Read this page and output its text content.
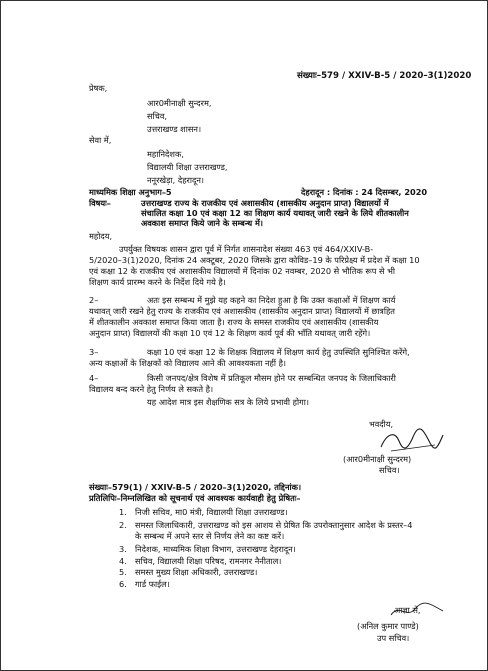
संख्याः–579 / XXIV-B-5 / 2020–3(1)2020
प्रेषक,
आर0मीनाक्षी सुन्दरम,
सचिव,
उत्तराखण्ड शासन।
सेवा में,
महानिदेशक,
विद्यालयी शिक्षा उत्तराखण्ड,
ननूरखेड़ा, देहरादून।
माध्यमिक शिक्षा अनुभाग–5	देहरादून : दिनांक : 24 दिसम्बर, 2020
विषयः–	उत्तराखण्ड राज्य के राजकीय एवं अशासकीय (शासकीय अनुदान प्राप्त) विद्यालयों में
संचालित कक्षा 10 एवं कक्षा 12 का शिक्षण कार्य यथावत् जारी रखने के लिये शीतकालीन
अवकाश समाप्त किये जाने के सम्बन्ध में।
महोदय,
उपर्युक्त विषयक शासन द्वारा पूर्व में निर्गत शासनादेश संख्या 463 एवं 464/XXIV-B-
5/2020–3(1)2020, दिनांक 24 अक्टूबर, 2020 जिसके द्वारा कोविड–19 के परिप्रेक्ष्य में प्रदेश में कक्षा 10
एवं कक्षा 12 के राजकीय एवं अशासकीय विद्यालयों में दिनांक 02 नवम्बर, 2020 से भौतिक रूप से भी
शिक्षण कार्य प्रारम्भ करने के निर्देश दिये गये है।
2–	अतः इस सम्बन्ध में मुझे यह कहने का निदेश हुआ है कि उक्त कक्षाओं में शिक्षण कार्य
यथावत् जारी रखने हेतु राज्य के राजकीय एवं अशासकीय (शासकीय अनुदान प्राप्त) विद्यालयों में छात्रहित
में शीतकालीन अवकाश समाप्त किया जाता है। राज्य के समस्त राजकीय एवं अशासकीय (शासकीय
अनुदान प्राप्त) विद्यालयों की कक्षा 10 एवं 12 के शिक्षण कार्य पूर्व की भाँति यथावत् जारी रहेंगे।
3–	कक्षा 10 एवं कक्षा 12 के शिक्षक विद्यालय में शिक्षण कार्य हेतु उपस्थिति सुनिश्चित करेंगे,
अन्य कक्षाओं के शिक्षकों को विद्यालय आने की आवश्यकता नहीं है।
4–	किसी जनपद/क्षेत्र विशेष में प्रतिकूल मौसम होने पर सम्बन्धित जनपद के जिलाधिकारी
विद्यालय बन्द करने हेतु निर्णय ले सकते है।
यह आदेश मात्र इस शैक्षणिक सत्र के लिये प्रभावी होगा।
भवदीय,
(आर0मीनाक्षी सुन्दरम)
सचिव।
संख्याः–579(1) / XXIV-B-5 / 2020–3(1)2020, तद्दिनांक।
प्रतिलिपिः–निम्नलिखित को सूचनार्थ एवं आवश्यक कार्यवाही हेतु प्रेषितः–
1. निजी सचिव, मा0 मंत्री, विद्यालयी शिक्षा उत्तराखण्ड।
2. समस्त जिलाधिकारी, उत्तराखण्ड को इस आशय से प्रेषित कि उपरोक्तानुसार आदेश के प्रस्तर–4
के सम्बन्ध में अपने स्तर से निर्णय लेने का कष्ट करें।
3. निदेशक, माध्यमिक शिक्षा विभाग, उत्तराखण्ड देहरादून।
4. सचिव, विद्यालयी शिक्षा परिषद, रामनगर नैनीताल।
5. समस्त मुख्य शिक्षा अधिकारी, उत्तराखण्ड।
6. गार्ड फाईल।
आज्ञा से,
(अनिल कुमार पाण्डे)
उप सचिव।
